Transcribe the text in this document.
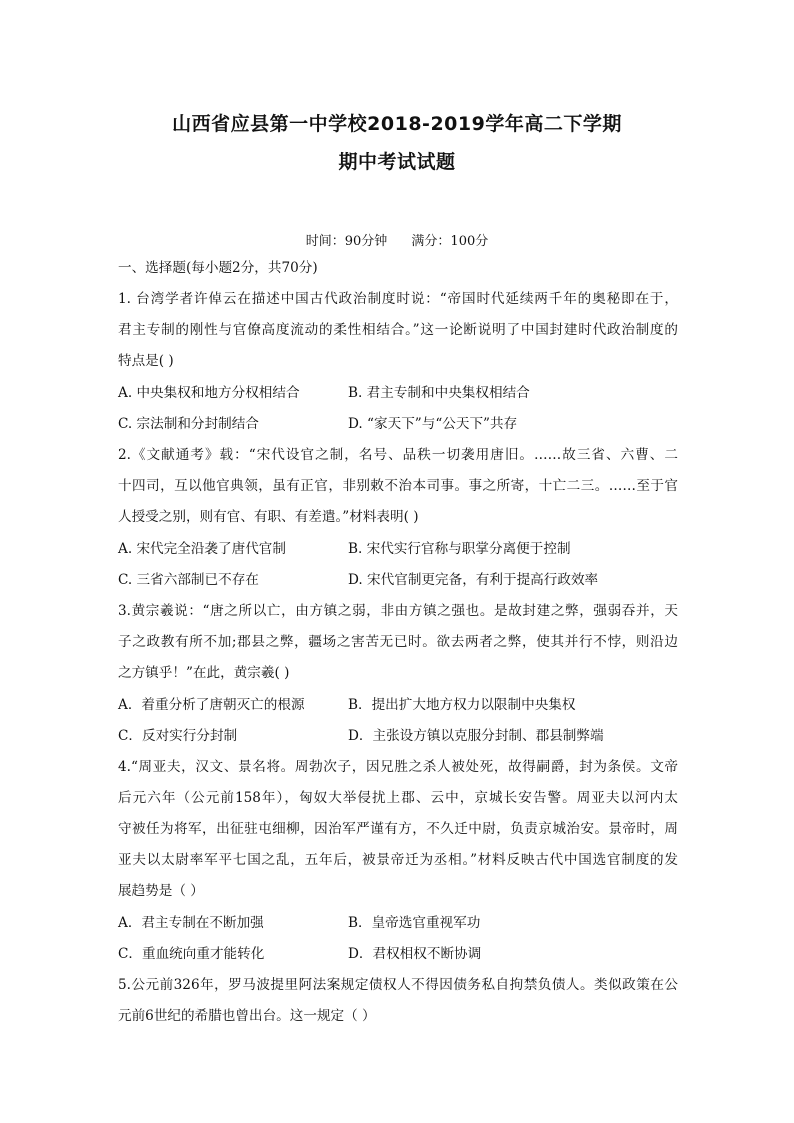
山西省应县第一中学校2018-2019学年高二下学期
期中考试试题
时间：90分钟 满分：100分
一、选择题(每小题2分，共70分)
1. 台湾学者许倬云在描述中国古代政治制度时说：“帝国时代延续两千年的奥秘即在于，
君主专制的刚性与官僚高度流动的柔性相结合。”这一论断说明了中国封建时代政治制度的
特点是( )
A. 中央集权和地方分权相结合	B. 君主专制和中央集权相结合
C. 宗法制和分封制结合	D. “家天下”与“公天下”共存
2.《文献通考》载：“宋代设官之制，名号、品秩一切袭用唐旧。……故三省、六曹、二
十四司，互以他官典领，虽有正官，非别敕不治本司事。事之所寄，十亡二三。……至于官
人授受之别，则有官、有职、有差遣。”材料表明( )
A. 宋代完全沿袭了唐代官制	B. 宋代实行官称与职掌分离便于控制
C. 三省六部制已不存在	D. 宋代官制更完备，有利于提高行政效率
3.黄宗羲说：“唐之所以亡，由方镇之弱，非由方镇之强也。是故封建之弊，强弱吞并，天
子之政教有所不加;郡县之弊，疆场之害苦无已时。欲去两者之弊，使其并行不悖，则沿边
之方镇乎！”在此，黄宗羲( )
A．着重分析了唐朝灭亡的根源	B．提出扩大地方权力以限制中央集权
C．反对实行分封制	D．主张设方镇以克服分封制、郡县制弊端
4.“周亚夫，汉文、景名将。周勃次子，因兄胜之杀人被处死，故得嗣爵，封为条侯。文帝
后元六年（公元前158年），匈奴大举侵扰上郡、云中，京城长安告警。周亚夫以河内太
守被任为将军，出征驻屯细柳，因治军严谨有方，不久迁中尉，负责京城治安。景帝时，周
亚夫以太尉率军平七国之乱，五年后，被景帝迁为丞相。”材料反映古代中国选官制度的发
展趋势是（ ）
A．君主专制在不断加强	B．皇帝选官重视军功
C．重血统向重才能转化	D．君权相权不断协调
5.公元前326年，罗马波提里阿法案规定债权人不得因债务私自拘禁负债人。类似政策在公
元前6世纪的希腊也曾出台。这一规定（ ）
